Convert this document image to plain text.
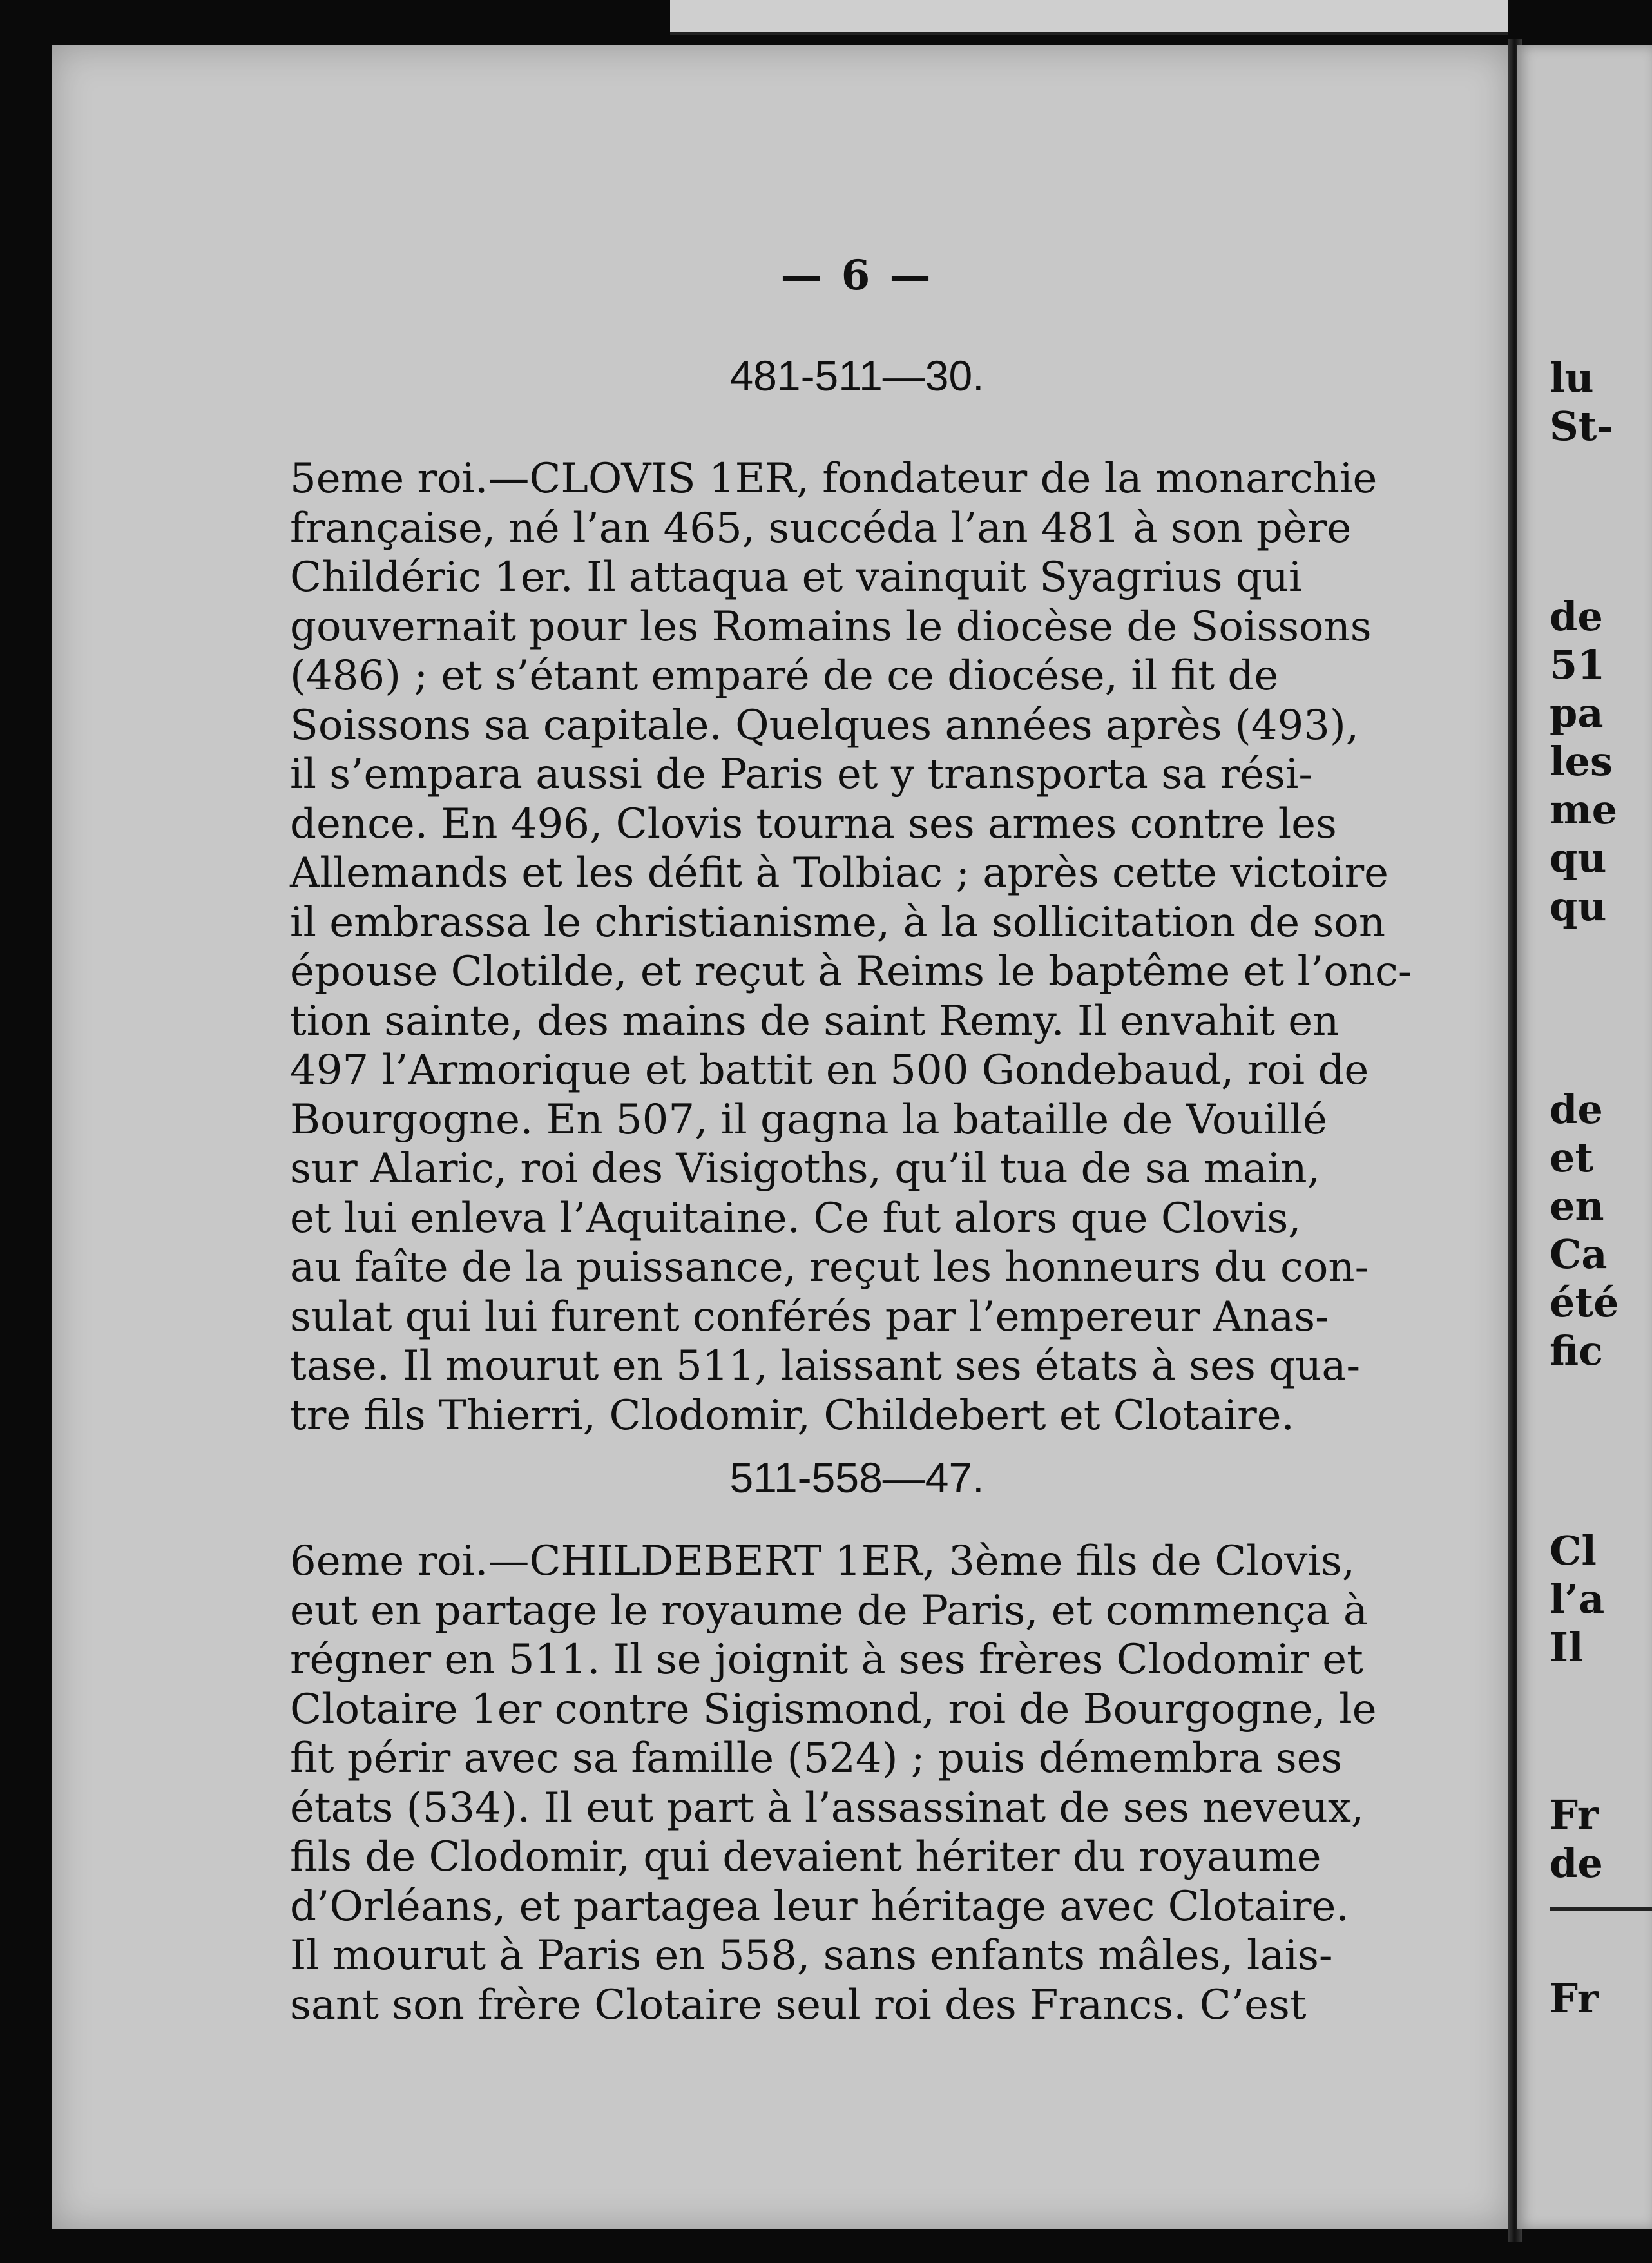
lu
St-
de
51
pa
les
me
qu
qu
de
et
en
Ca
été
fic
Cl
l’a
Il
Fr
de
Fr
— 6 —
481-511—30.
5eme roi.—CLOVIS 1ER, fondateur de la monarchie
française, né l’an 465, succéda l’an 481 à son père
Childéric 1er. Il attaqua et vainquit Syagrius qui
gouvernait pour les Romains le diocèse de Soissons
(486) ; et s’étant emparé de ce diocése, il fit de
Soissons sa capitale. Quelques années après (493),
il s’empara aussi de Paris et y transporta sa rési-
dence. En 496, Clovis tourna ses armes contre les
Allemands et les défit à Tolbiac ; après cette victoire
il embrassa le christianisme, à la sollicitation de son
épouse Clotilde, et reçut à Reims le baptême et l’onc-
tion sainte, des mains de saint Remy. Il envahit en
497 l’Armorique et battit en 500 Gondebaud, roi de
Bourgogne. En 507, il gagna la bataille de Vouillé
sur Alaric, roi des Visigoths, qu’il tua de sa main,
et lui enleva l’Aquitaine. Ce fut alors que Clovis,
au faîte de la puissance, reçut les honneurs du con-
sulat qui lui furent conférés par l’empereur Anas-
tase. Il mourut en 511, laissant ses états à ses qua-
tre fils Thierri, Clodomir, Childebert et Clotaire.
511-558—47.
6eme roi.—CHILDEBERT 1ER, 3ème fils de Clovis,
eut en partage le royaume de Paris, et commença à
régner en 511. Il se joignit à ses frères Clodomir et
Clotaire 1er contre Sigismond, roi de Bourgogne, le
fit périr avec sa famille (524) ; puis démembra ses
états (534). Il eut part à l’assassinat de ses neveux,
fils de Clodomir, qui devaient hériter du royaume
d’Orléans, et partagea leur héritage avec Clotaire.
Il mourut à Paris en 558, sans enfants mâles, lais-
sant son frère Clotaire seul roi des Francs. C’est
